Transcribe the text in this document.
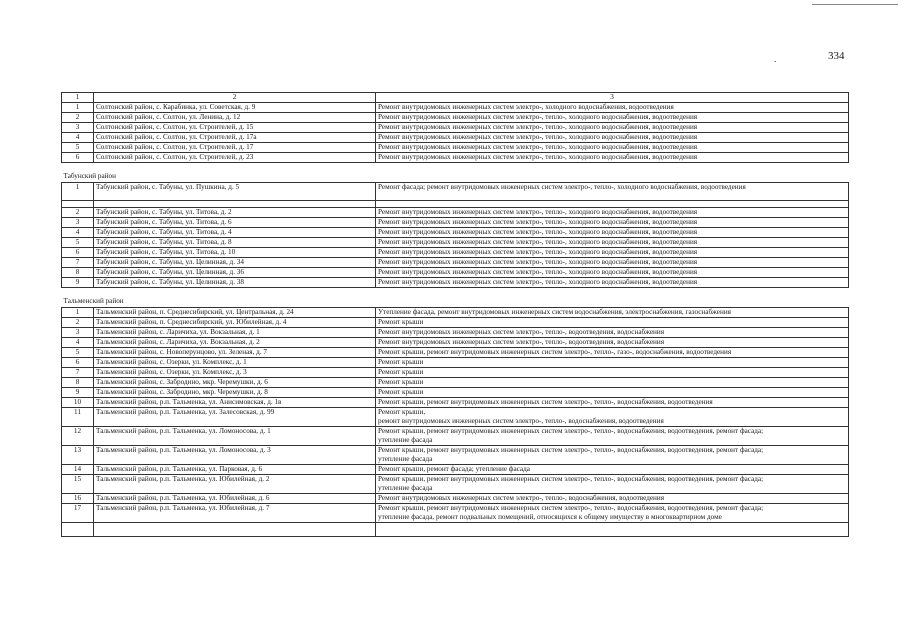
.	334
1	2	3
1	Солтонский район, с. Карабинка, ул. Советская, д. 9	Ремонт внутридомовых инженерных систем электро-, холодного водоснабжения, водоотведения

2	Солтонский район, с. Солтон, ул. Ленина, д. 12	Ремонт внутридомовых инженерных систем электро-, тепло-, холодного водоснабжения, водоотведения

3	Солтонский район, с. Солтон, ул. Строителей, д. 15	Ремонт внутридомовых инженерных систем электро-, тепло-, холодного водоснабжения, водоотведения

4	Солтонский район, с. Солтон, ул. Строителей, д. 17а	Ремонт внутридомовых инженерных систем электро-, тепло-, холодного водоснабжения, водоотведения

5	Солтонский район, с. Солтон, ул. Строителей, д. 17	Ремонт внутридомовых инженерных систем электро-, тепло-, холодного водоснабжения, водоотведения

6	Солтонский район, с. Солтон, ул. Строителей, д. 23	Ремонт внутридомовых инженерных систем электро-, тепло-, холодного водоснабжения, водоотведения

Табунский район		
1	Табунский район, с. Табуны, ул. Пушкина, д. 5	Ремонт фасада; ремонт внутридомовых инженерных систем электро-, тепло-, холодного водоснабжения, водоотведения

2	Табунский район, с. Табуны, ул. Титова, д. 2	Ремонт внутридомовых инженерных систем электро-, тепло-, холодного водоснабжения, водоотведения

3	Табунский район, с. Табуны, ул. Титова, д. 6	Ремонт внутридомовых инженерных систем электро-, тепло-, холодного водоснабжения, водоотведения

4	Табунский район, с. Табуны, ул. Титова, д. 4	Ремонт внутридомовых инженерных систем электро-, тепло-, холодного водоснабжения, водоотведения

5	Табунский район, с. Табуны, ул. Титова, д. 8	Ремонт внутридомовых инженерных систем электро-, тепло-, холодного водоснабжения, водоотведения

6	Табунский район, с. Табуны, ул. Титова, д. 10	Ремонт внутридомовых инженерных систем электро-, тепло-, холодного водоснабжения, водоотведения

7	Табунский район, с. Табуны, ул. Целинная, д. 34	Ремонт внутридомовых инженерных систем электро-, тепло-, холодного водоснабжения, водоотведения

8	Табунский район, с. Табуны, ул. Целинная, д. 36	Ремонт внутридомовых инженерных систем электро-, тепло-, холодного водоснабжения, водоотведения

9	Табунский район, с. Табуны, ул. Целинная, д. 38	Ремонт внутридомовых инженерных систем электро-, тепло-, холодного водоснабжения, водоотведения

Тальменский район		
1	Тальменский район, п. Среднесибирский, ул. Центральная, д. 24	Утепление фасада, ремонт внутридомовых инженерных систем водоснабжения, электроснабжения, газоснабжения

2	Тальменский район, п. Среднесибирский, ул. Юбилейная, д. 4	Ремонт крыши

3	Тальменский район, с. Ларичиха, ул. Вокзальная, д. 1	Ремонт внутридомовых инженерных систем электро-, тепло-, водоотведения, водоснабжения

4	Тальменский район, с. Ларичиха, ул. Вокзальная, д. 2	Ремонт внутридомовых инженерных систем электро-, тепло-, водоотведения, водоснабжения

5	Тальменский район, с. Новоперунцово, ул. Зеленая, д. 7	Ремонт крыши, ремонт внутридомовых инженерных систем электро-, тепло-, газо-, водоснабжения, водоотведения

6	Тальменский район, с. Озерки, ул. Комплекс, д. 1	Ремонт крыши

7	Тальменский район, с. Озерки, ул. Комплекс, д. 3	Ремонт крыши

8	Тальменский район, с. Забродино, мкр. Черемушки, д. 6	Ремонт крыши

9	Тальменский район, с. Забродино, мкр. Черемушки, д. 8	Ремонт крыши

10	Тальменский район, р.п. Тальменка, ул. Анисимовская, д. 1в	Ремонт крыши, ремонт внутридомовых инженерных систем электро-, тепло-, водоснабжения, водоотведения

11	Тальменский район, р.п. Тальменка, ул. Залесовская, д. 99	Ремонт крыши,
ремонт внутридомовых инженерных систем электро-, тепло-, водоснабжения, водоотведения

12	Тальменский район, р.п. Тальменка, ул. Ломоносова, д. 1	Ремонт крыши, ремонт внутридомовых инженерных систем электро-, тепло-, водоснабжения, водоотведения, ремонт фасада;
утепление фасада

13	Тальменский район, р.п. Тальменка, ул. Ломоносова, д. 3	Ремонт крыши, ремонт внутридомовых инженерных систем электро-, тепло-, водоснабжения, водоотведения, ремонт фасада;
утепление фасада

14	Тальменский район, р.п. Тальменка, ул. Парковая, д. 6	Ремонт крыши, ремонт фасада; утепление фасада

15	Тальменский район, р.п. Тальменка, ул. Юбилейная, д. 2	Ремонт крыши, ремонт внутридомовых инженерных систем электро-, тепло-, водоснабжения, водоотведения, ремонт фасада;
утепление фасада

16	Тальменский район, р.п. Тальменка, ул. Юбилейная, д. 6	Ремонт внутридомовых инженерных систем электро-, тепло-, водоснабжения, водоотведения

17	Тальменский район, р.п. Тальменка, ул. Юбилейная, д. 7	Ремонт крыши, ремонт внутридомовых инженерных систем электро-, тепло-, водоснабжения, водоотведения, ремонт фасада;
утепление фасада, ремонт подвальных помещений, относящихся к общему имуществу в многоквартирном доме
